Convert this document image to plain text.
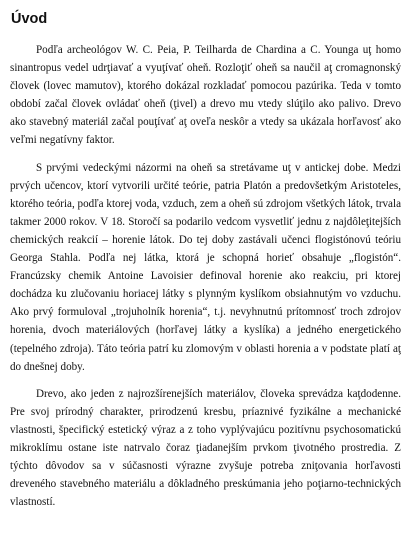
Úvod

Podľa archeológov W. C. Peia, P. Teilharda de Chardina a C. Younga uţ homo sinantropus vedel udrţiavať a vyuţívať oheň. Rozloţiť oheň sa naučil aţ cromagnonský človek (lovec mamutov), ktorého dokázal rozkladať pomocou pazúrika. Teda v tomto období začal človek ovládať oheň (ţivel) a drevo mu vtedy slúţilo ako palivo. Drevo ako stavebný materiál začal pouţívať aţ oveľa neskôr a vtedy sa ukázala horľavosť ako veľmi negatívny faktor.

S prvými vedeckými názormi na oheň sa stretávame uţ v antickej dobe. Medzi prvých učencov, ktorí vytvorili určité teórie, patria Platón a predovšetkým Aristoteles, ktorého teória, podľa ktorej voda, vzduch, zem a oheň sú zdrojom všetkých látok, trvala takmer 2000 rokov. V 18. Storočí sa podarilo vedcom vysvetliť jednu z najdôleţitejších chemických reakcií – horenie látok. Do tej doby zastávali učenci flogistónovú teóriu Georga Stahla. Podľa nej látka, ktorá je schopná horieť obsahuje „flogistón“. Francúzsky chemik Antoine Lavoisier definoval horenie ako reakciu, pri ktorej dochádza ku zlučovaniu horiacej látky s plynným kyslíkom obsiahnutým vo vzduchu. Ako prvý formuloval „trojuholník horenia“, t.j. nevyhnutnú prítomnosť troch zdrojov horenia, dvoch materiálových (horľavej látky a kyslíka) a jedného energetického (tepelného zdroja). Táto teória patrí ku zlomovým v oblasti horenia a v podstate platí aţ do dnešnej doby.

Drevo, ako jeden z najrozšírenejších materiálov, človeka sprevádza kaţdodenne. Pre svoj prírodný charakter, prirodzenú kresbu, príaznivé fyzikálne a mechanické vlastnosti, špecifický estetický výraz a z toho vyplývajúcu pozitívnu psychosomatickú mikroklímu ostane iste natrvalo čoraz ţiadanejším prvkom ţivotného prostredia. Z týchto dôvodov sa v súčasnosti výrazne zvyšuje potreba zniţovania horľavosti dreveného stavebného materiálu a dôkladného preskúmania jeho poţiarno-technických vlastností.
